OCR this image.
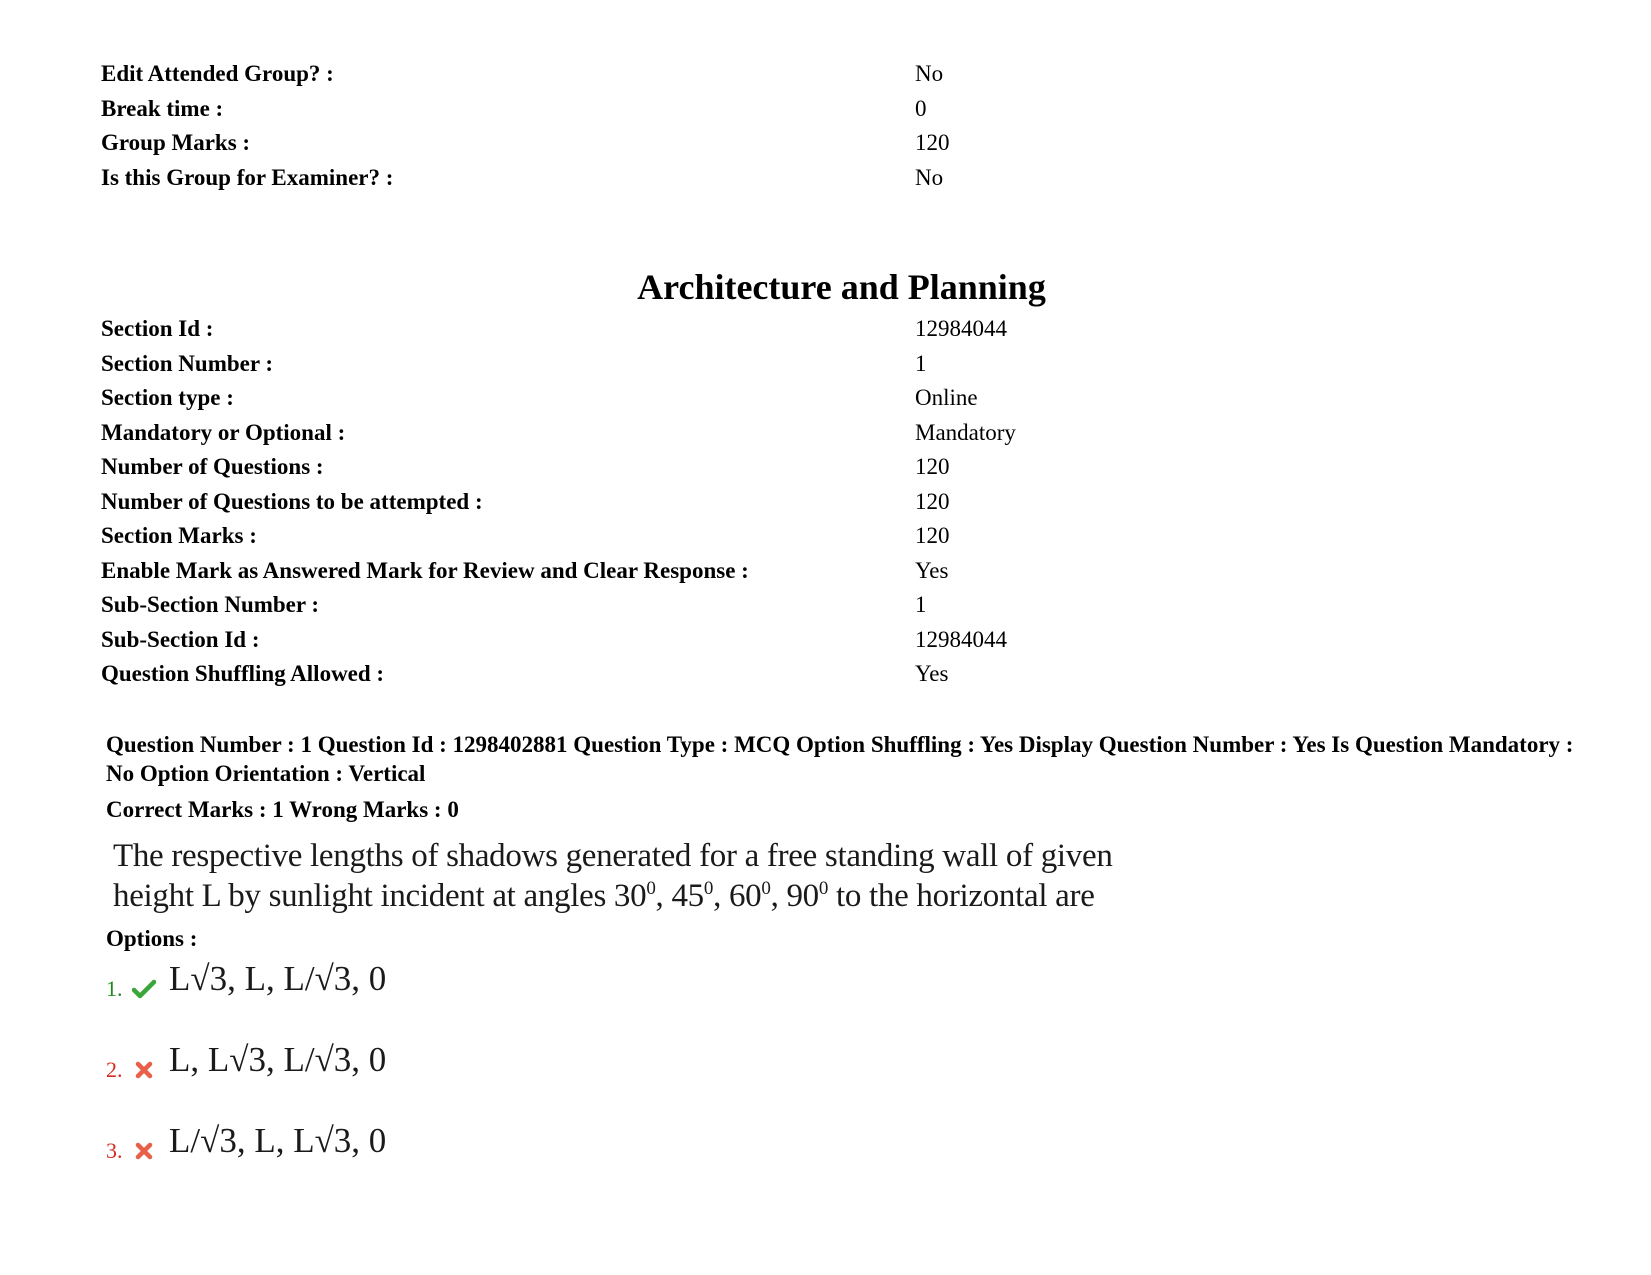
Edit Attended Group? :	No
Break time :	0
Group Marks :	120
Is this Group for Examiner? :	No
Architecture and Planning
Section Id :	12984044
Section Number :	1
Section type :	Online
Mandatory or Optional :	Mandatory
Number of Questions :	120
Number of Questions to be attempted :	120
Section Marks :	120
Enable Mark as Answered Mark for Review and Clear Response :	Yes
Sub-Section Number :	1
Sub-Section Id :	12984044
Question Shuffling Allowed :	Yes
Question Number : 1 Question Id : 1298402881 Question Type : MCQ Option Shuffling : Yes Display Question Number : Yes Is Question Mandatory : No Option Orientation : Vertical
Correct Marks : 1 Wrong Marks : 0
The respective lengths of shadows generated for a free standing wall of given
height L by sunlight incident at angles $30^0$, $45^0$, $60^0$, $90^0$ to the horizontal are
Options :
1. L√3, L, L/√3, 0
2. L, L√3, L/√3, 0
3. L/√3, L, L√3, 0
